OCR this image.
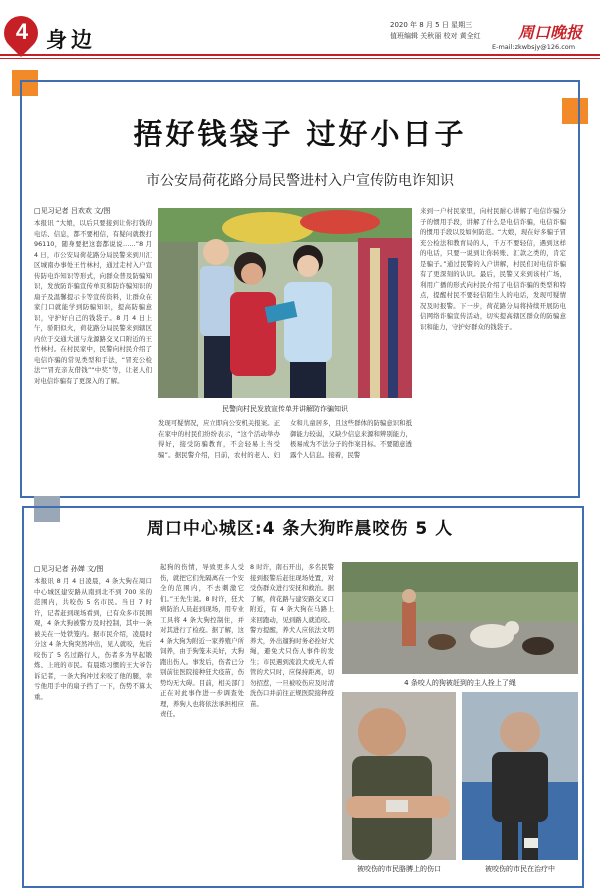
4 身边
2020 年 8 月 5 日 星期三
值班编辑 关秋丽 校对 黄全红 周口晚报
E-mail:zkwbsjy@126.com
捂好钱袋子 过好小日子
市公安局荷花路分局民警进村入户宣传防电诈知识
□见习记者 吕欢欢 文/图
本报讯 “大娘，以后只要接到让你打钱的电话、信息，都不要相信，有疑问就拨打 96110，随身要把这套都说说……”8 月 4 日，市公安局荷花路分局民警来到川汇区城南办事处王竹林村，通过走村入户宣传防电诈知识等形式，向群众普及防骗知识，发放防诈骗宣传单页和防诈骗知识的扇子及温馨提示卡等宣传资料，让群众在家门口就能学到防骗知识，提高防骗意识，守护好自己的钱袋子。8 月 4 日上午，骄阳似火，荷花路分局民警来到辖区内位于交通大道与龙源路交叉口附近的王竹林村。在村民家中，民警向村民介绍了电信诈骗的常见类型和手法，“冒充公检法”“冒充亲友借钱”“中奖”等，让老人们对电信诈骗有了更深入的了解。
民警向村民发放宣传单并讲解防诈骗知识
发现可疑情况，应立即向公安机关报案。正在家中的村民们纷纷表示，“这个活动举办得好，接受防骗教育，不会轻易上当受骗”。据民警介绍，目前，农村的老人、妇女和儿童居多，且这些群体的防骗意识和抵御能力较弱，又缺少信息来源和辨别能力，极易成为不法分子的作案目标。不要随意透露个人信息。接着，民警
来到一户村民家里，向村民耐心讲解了电信诈骗分子的惯用手段，讲解了什么是电信诈骗，电信诈骗的惯用手段以及如何防范。“大娘，现在好多骗子冒充公检法和教育局的人，千万不要轻信，遇到这样的电话，只要一说到让你转账、汇款之类的，肯定是骗子。”通过民警的入户讲解，村民们对电信诈骗有了更深刻的认识。最后，民警又来到该村广场，利用广播的形式向村民介绍了电信诈骗的类型和特点，提醒村民不要轻信陌生人的电话，发现可疑情况及时报警。下一步，荷花路分局将持续开展防电信网络诈骗宣传活动，切实提高辖区群众的防骗意识和能力，守护好群众的钱袋子。
周口中心城区:4 条大狗昨晨咬伤 5 人
□见习记者 孙婵 文/图
本报讯 8 月 4 日凌晨，4 条大狗在周口中心城区建安路从南到北不到 700 米的范围内，共咬伤 5 名市民。当日 7 时许，记者赶到现场看到，已有众多市民围观，4 条大狗被警方及时控制，其中一条被关在一处铁笼内。据市民介绍，凌晨时分这 4 条大狗突然冲出，见人就咬，先后咬伤了 5 名过路行人，伤者多为早起锻炼、上班的市民。有晨练习惯的王大爷告诉记者，一条大狗冲过来咬了他的腿，幸亏他用手中的扇子挡了一下，伤势不算太重。
起狗的伤情，导致更多人受伤，就把它们先隔离在一个安全的范围内，不去刺激它们。”王先生说。8 时许，狂犬病防治人员赶到现场，用专业工具将 4 条大狗控制住，并对其进行了检疫。据了解，这 4 条大狗为附近一家养殖户所饲养，由于狗笼未关好，大狗跑出伤人。事发后，伤者已分别前往医院接种狂犬疫苗，伤势均无大碍。目前，相关部门正在对此事作进一步调查处理，养狗人也将依法承担相应责任。
8 时许，南石开出，多名民警接到报警后赶往现场处置，对受伤群众进行安抚和救治。据了解，荷花路与建安路交叉口附近，有 4 条大狗在马路上来回跑动，见到路人就追咬。警方提醒，养犬人应依法文明养犬，外出遛狗时务必拴好犬绳，避免犬只伤人事件的发生；市民遇到流浪犬或无人看管的犬只时，应保持距离，切勿招惹，一旦被咬伤应及时清洗伤口并前往正规医院接种疫苗。
4 条咬人的狗被赶到的主人拴上了绳
被咬伤的市民胳膊上的伤口	被咬伤的市民在治疗中
